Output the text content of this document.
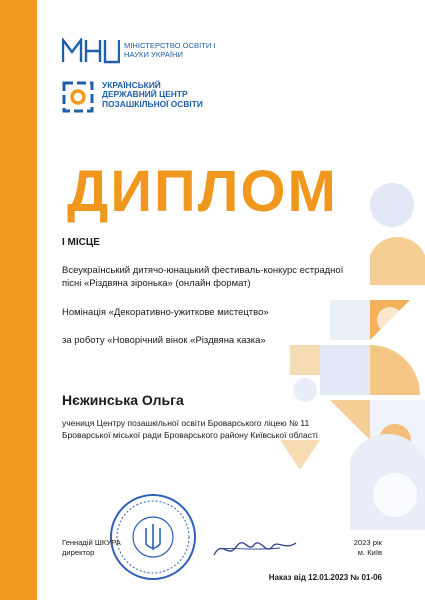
МІНІСТЕРСТВО ОСВІТИ І НАУКИ УКРАЇНИ
УКРАЇНСЬКИЙ ДЕРЖАВНИЙ ЦЕНТР ПОЗАШКІЛЬНОЇ ОСВІТИ
ДИПЛОМ
І МІСЦЕ
Всеукраїнський дитячо-юнацький фестиваль-конкурс естрадної пісні «Різдвяна зіронька» (онлайн формат)
Номінація «Декоративно-ужиткове мистецтво»
за роботу «Новорічний вінок «Різдвяна казка»
Нєжинська Ольга
учениця Центру позашкільної освіти Броварського ліцею № 11 Броварської міської ради Броварського району Київської області
Геннадій ШКУРА
директор
2023 рік
м. Київ
Наказ від 12.01.2023 № 01-06
